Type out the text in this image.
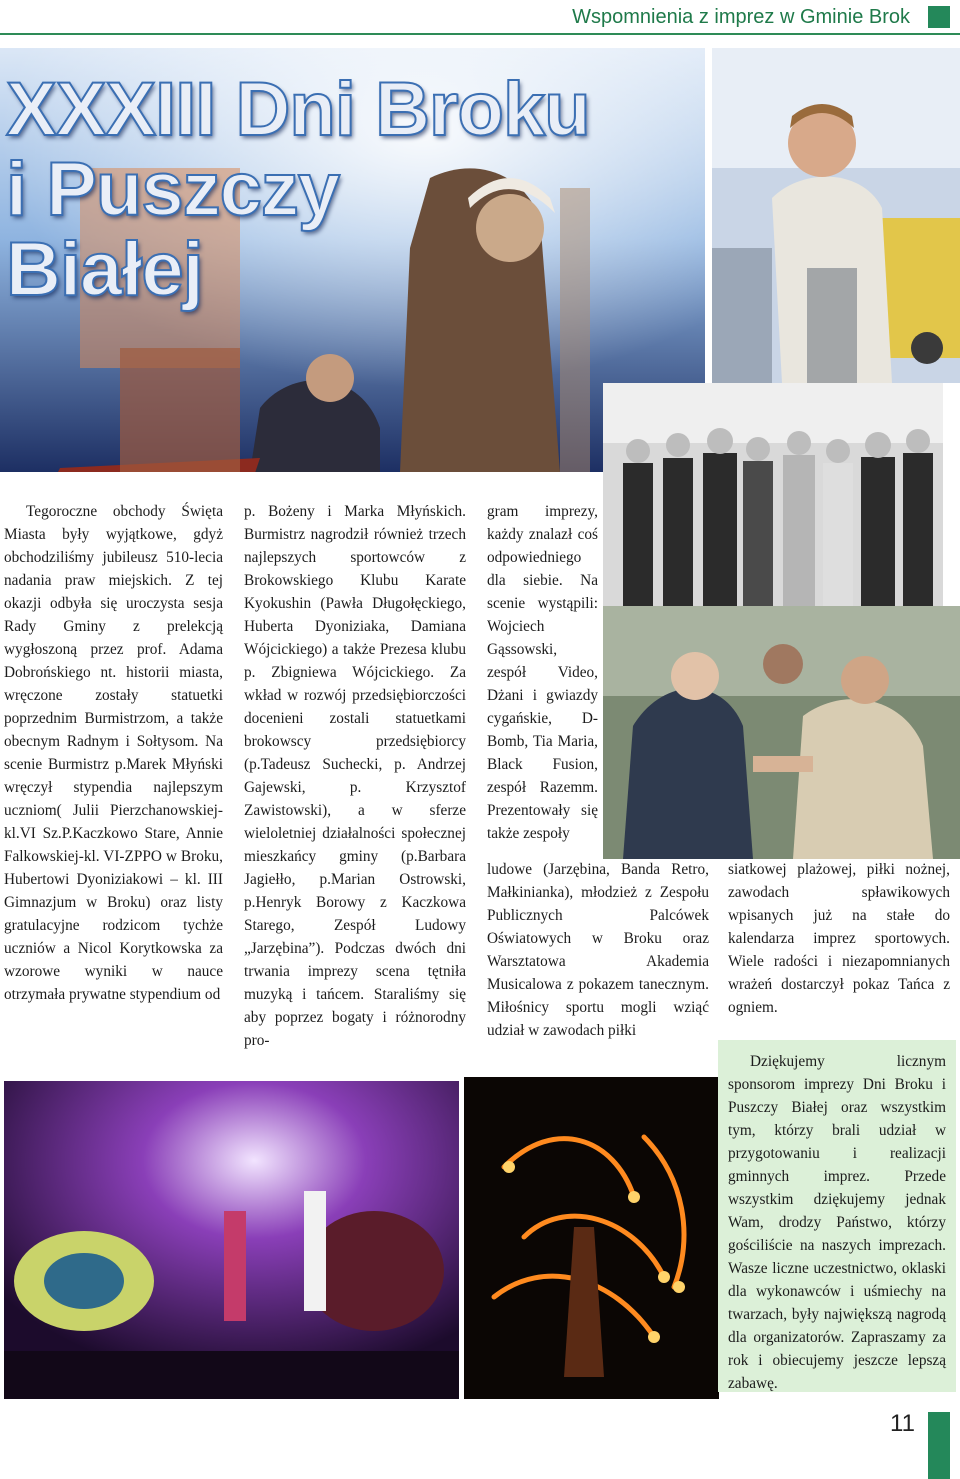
Wspomnienia z imprez w Gminie Brok
XXXIII Dni Broku
i Puszczy
Białej

Tegoroczne obchody Święta Miasta były wyjątkowe, gdyż obchodziliśmy jubileusz 510-lecia nadania praw miejskich. Z tej okazji odbyła się uroczysta sesja Rady Gminy z prelekcją wygłoszoną przez prof. Adama Dobrońskiego nt. historii miasta, wręczone zostały statuetki poprzednim Burmistrzom, a także obecnym Radnym i Sołtysom. Na scenie Burmistrz p.Marek Młyński wręczył stypendia najlepszym uczniom( Julii Pierzchanowskiej-kl.VI Sz.P.Kaczkowo Stare, Annie Falkowskiej-kl. VI-ZPPO w Broku, Hubertowi Dyoniziakowi – kl. III Gimnazjum w Broku) oraz listy gratulacyjne rodzicom tychże uczniów a Nicol Korytkowska za wzorowe wyniki w nauce otrzymała prywatne stypendium od

p. Bożeny i Marka Młyńskich. Burmistrz nagrodził również trzech najlepszych sportowców z Brokowskiego Klubu Karate Kyokushin (Pawła Długołęckiego, Huberta Dyoniziaka, Damiana Wójcickiego) a także Prezesa klubu p. Zbigniewa Wójcickiego. Za wkład w rozwój przedsiębiorczości docenieni zostali statuetkami brokowscy przedsiębiorcy (p.Tadeusz Suchecki, p. Andrzej Gajewski, p. Krzysztof Zawistowski), a w sferze wieloletniej działalności społecznej mieszkańcy gminy (p.Barbara Jagiełło, p.Marian Ostrowski, p.Henryk Borowy z Kaczkowa Starego, Zespół Ludowy „Jarzębina”). Podczas dwóch dni trwania imprezy scena tętniła muzyką i tańcem. Staraliśmy się aby poprzez bogaty i różnorodny pro-

gram imprezy, każdy znalazł coś odpowiedniego dla siebie. Na scenie wystąpili: Wojciech Gąssowski, zespół Video, Dżani i gwiazdy cygańskie, D-Bomb, Tia Maria, Black Fusion, zespół Razemm. Prezentowały się także zespoły

ludowe (Jarzębina, Banda Retro, Małkinianka), młodzież z Zespołu Publicznych Palcówek Oświatowych w Broku oraz Warsztatowa Akademia Musicalowa z pokazem tanecznym. Miłośnicy sportu mogli wziąć udział w zawodach piłki

siatkowej plażowej, piłki nożnej, zawodach spławikowych wpisanych już na stałe do kalendarza imprez sportowych. Wiele radości i niezapomnianych wrażeń dostarczył pokaz Tańca z ogniem.

Dziękujemy licznym sponsorom imprezy Dni Broku i Puszczy Białej oraz wszystkim tym, którzy brali udział w przygotowaniu i realizacji gminnych imprez. Przede wszystkim dziękujemy jednak Wam, drodzy Państwo, którzy gościliście na naszych imprezach. Wasze liczne uczestnictwo, oklaski dla wykonawców i uśmiechy na twarzach, były największą nagrodą dla organizatorów. Zapraszamy za rok i obiecujemy jeszcze lepszą zabawę.
11
